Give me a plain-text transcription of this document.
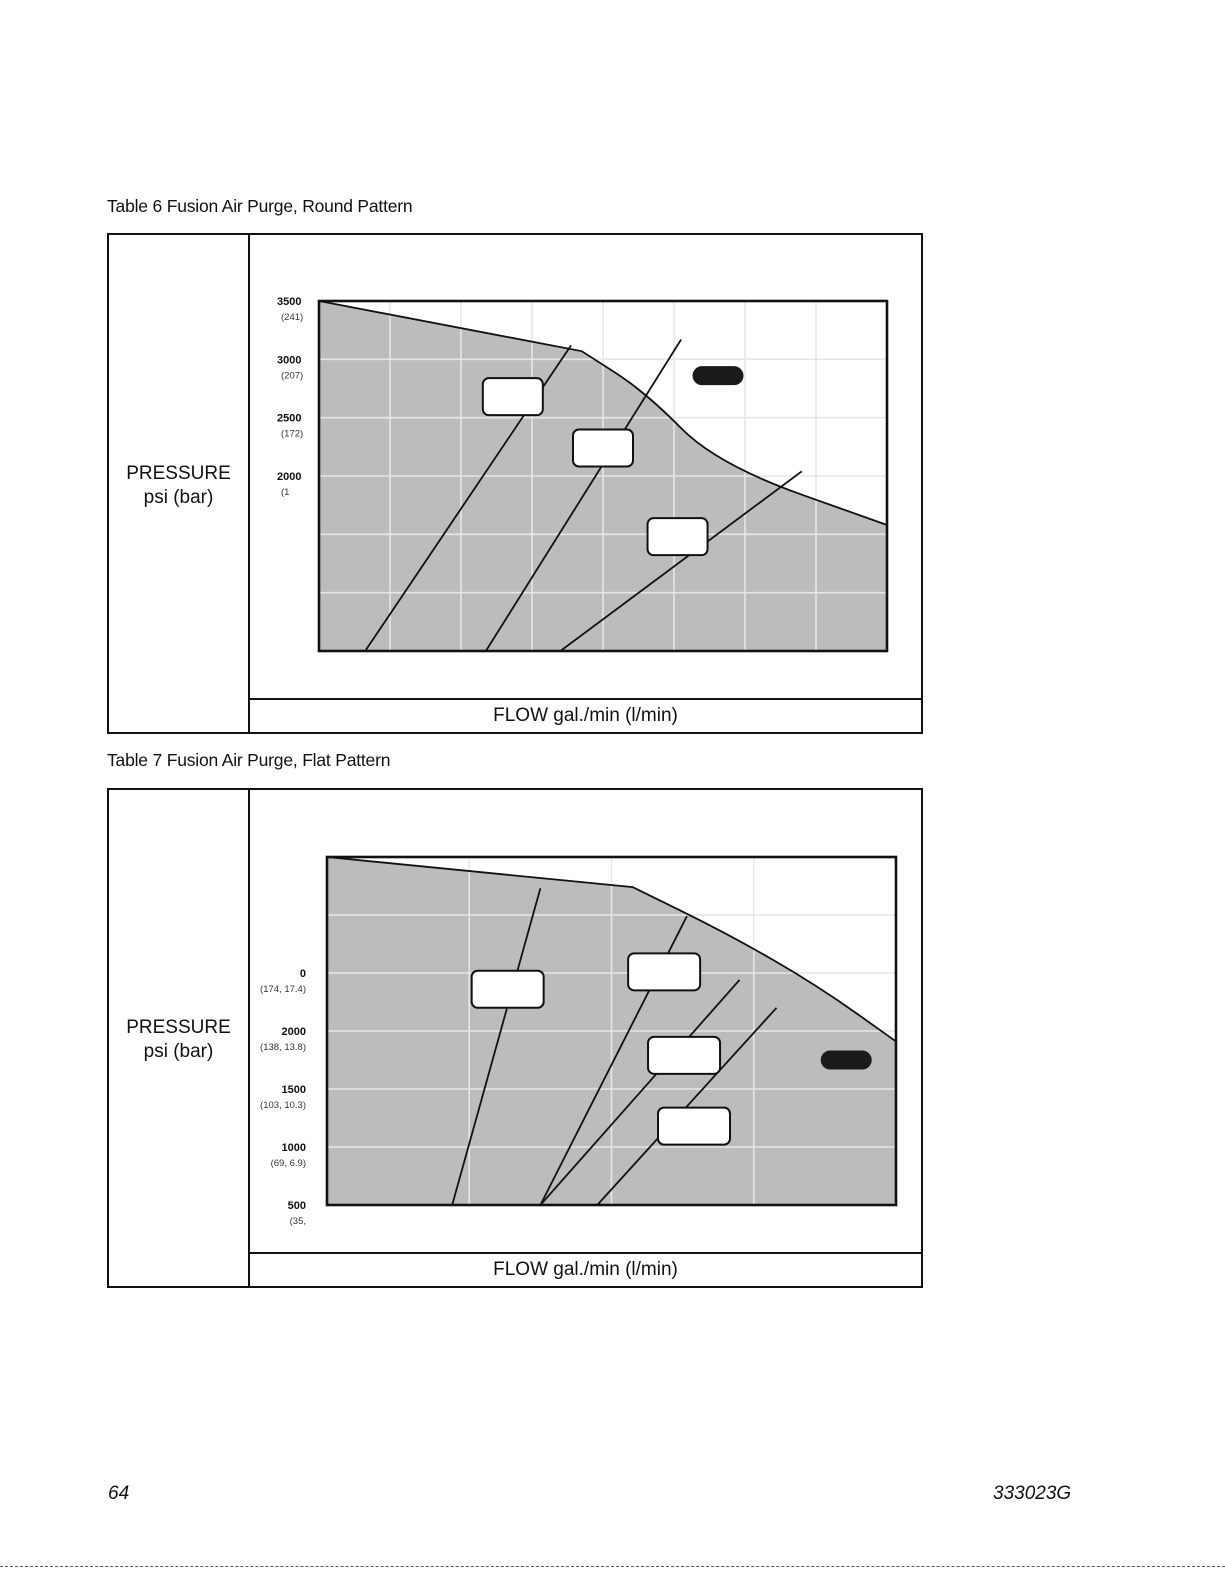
Table 6 Fusion Air Purge, Round Pattern
PRESSURE
psi (bar)
FLOW gal./min (l/min)
3500
(241)
3000
(207)
2500
(172)
2000
(1
Table 7 Fusion Air Purge, Flat Pattern
PRESSURE
psi (bar)
FLOW gal./min (l/min)
0
(174, 17.4)
2000
(138, 13.8)
1500
(103, 10.3)
1000
(69, 6.9)
500
(35,
64	333023G
